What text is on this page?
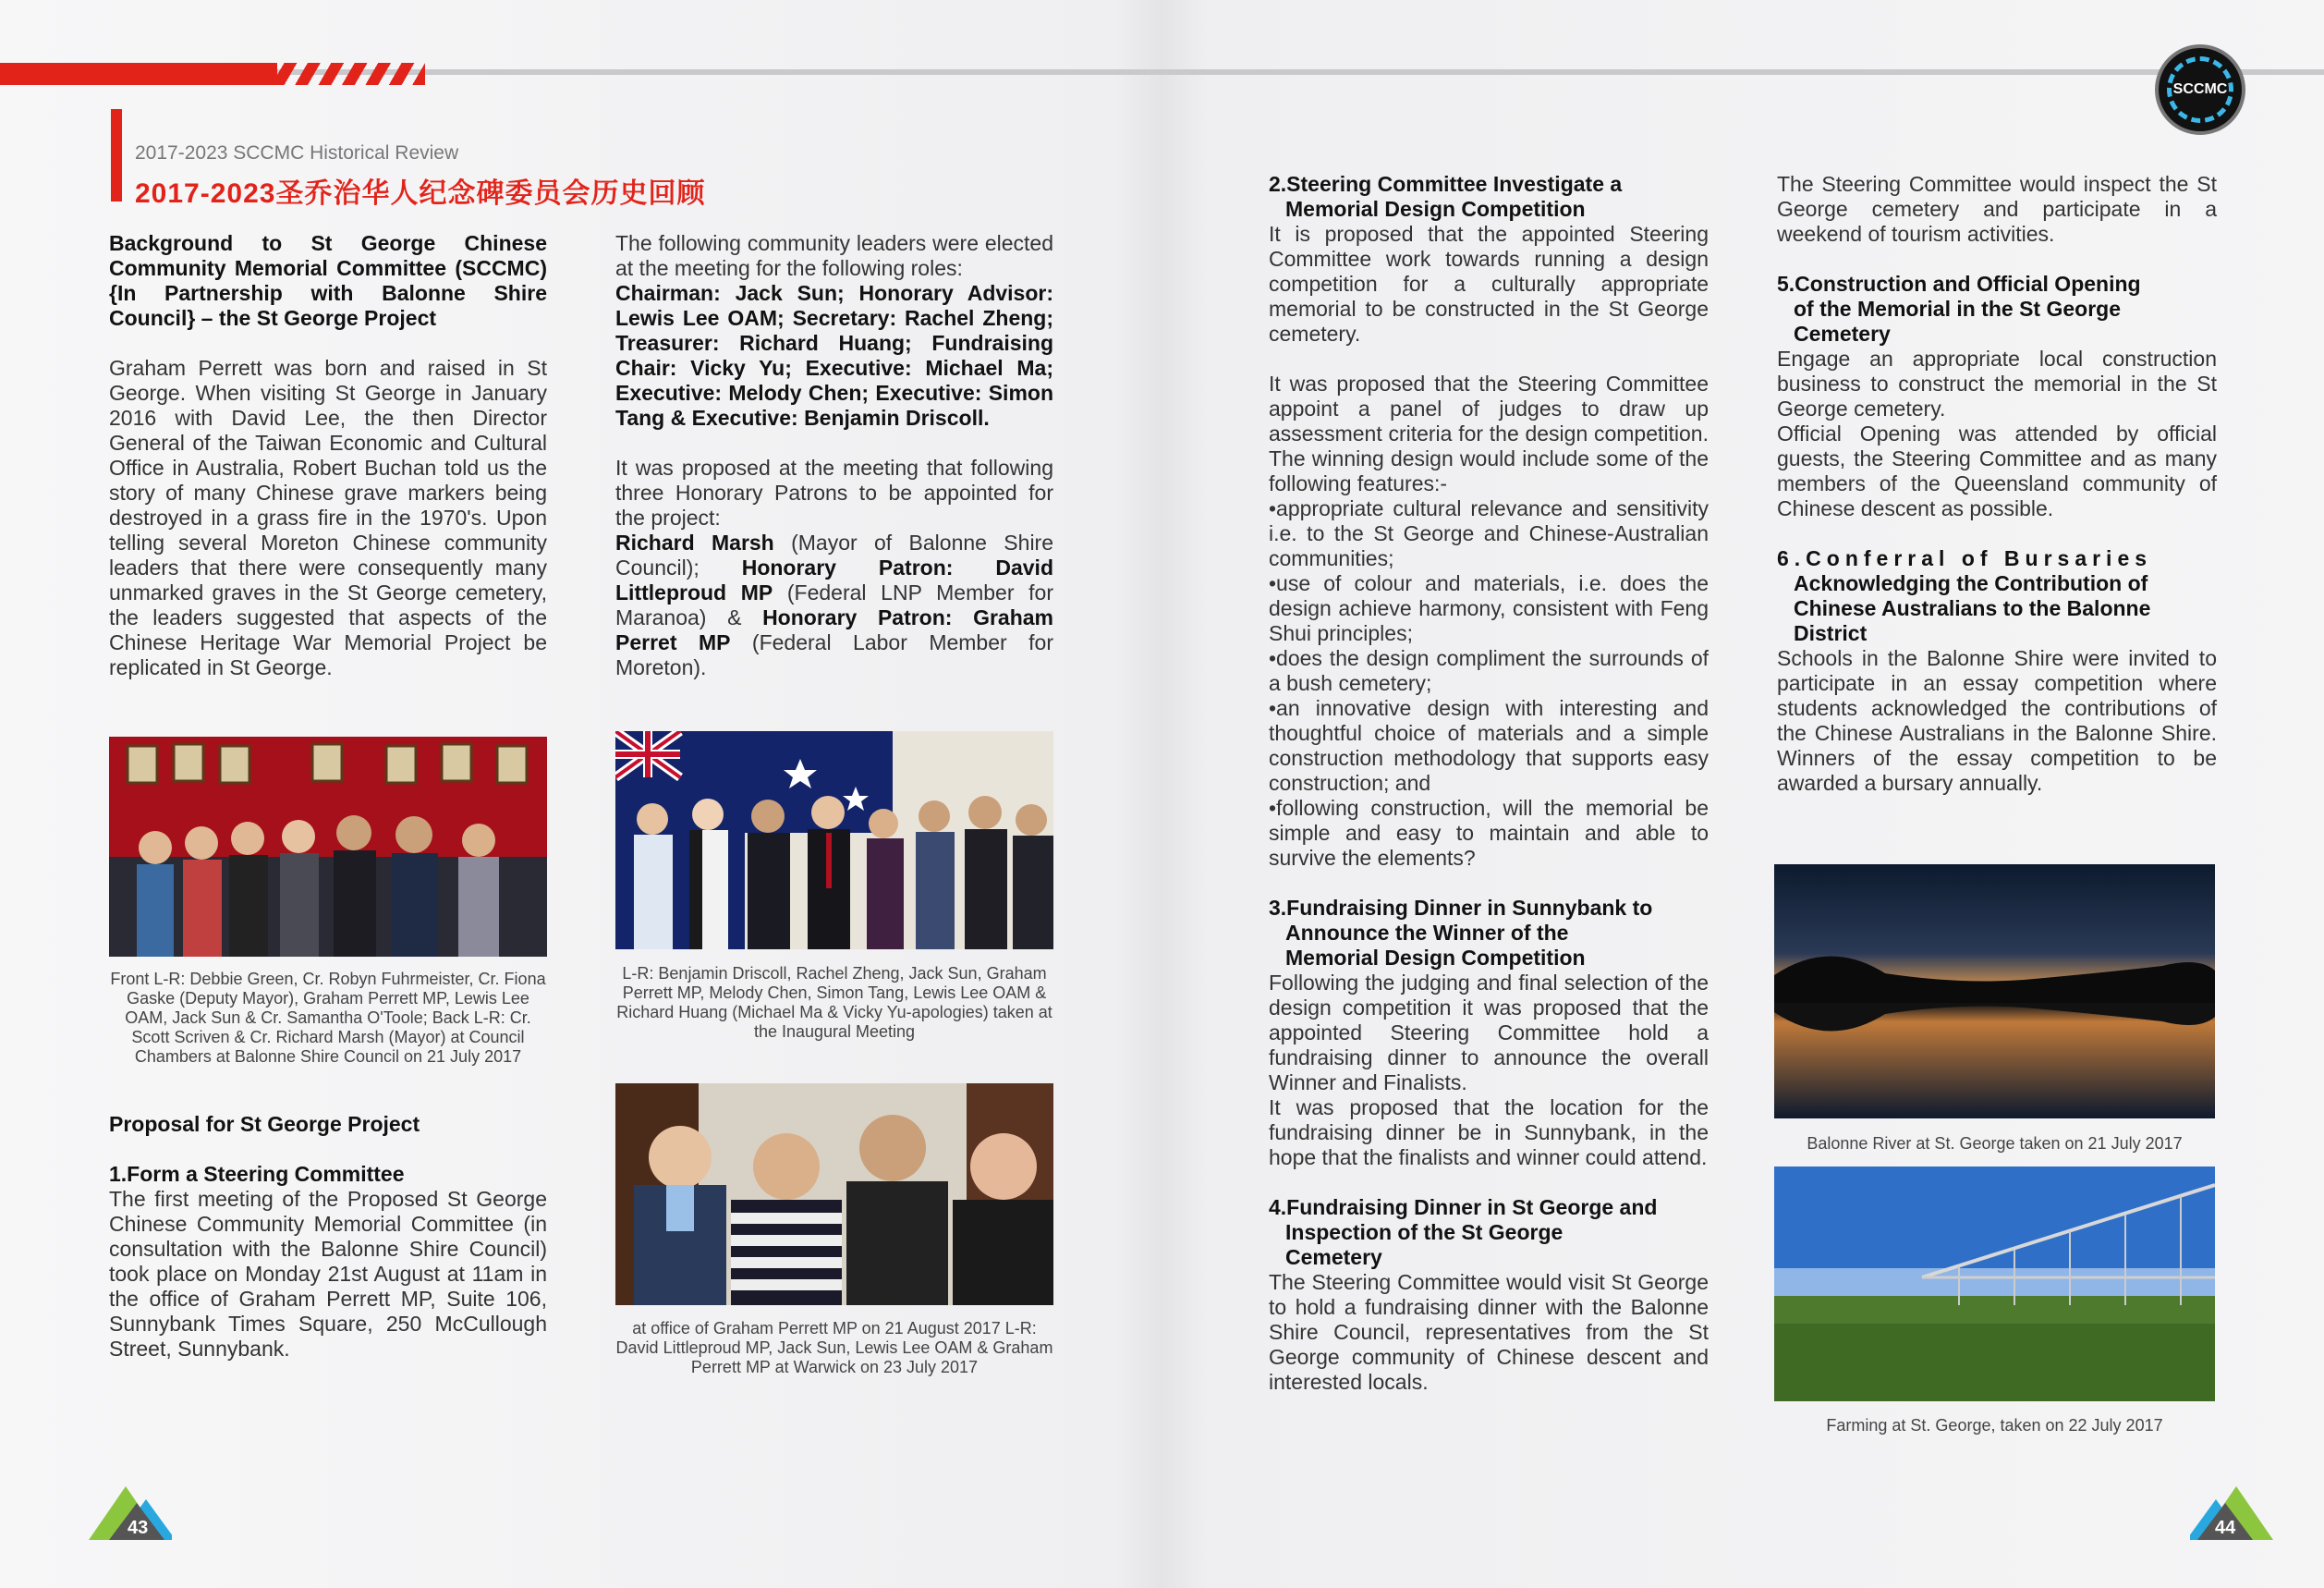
2017-2023 SCCMC Historical Review
2017-2023圣乔治华人纪念碑委员会历史回顾
SCCMC

Background to St George Chinese Community Memorial Committee (SCCMC) {In Partnership with Balonne Shire Council} – the St George Project

Graham Perrett was born and raised in St George. When visiting St George in January 2016 with David Lee, the then Director General of the Taiwan Economic and Cultural Office in Australia, Robert Buchan told us the story of many Chinese grave markers being destroyed in a grass fire in the 1970's. Upon telling several Moreton Chinese community leaders that there were consequently many unmarked graves in the St George cemetery, the leaders suggested that aspects of the Chinese Heritage War Memorial Project be replicated in St George.

Front L-R: Debbie Green, Cr. Robyn Fuhrmeister, Cr. Fiona Gaske (Deputy Mayor), Graham Perrett MP, Lewis Lee OAM, Jack Sun & Cr. Samantha O'Toole; Back L-R: Cr. Scott Scriven & Cr. Richard Marsh (Mayor) at Council Chambers at Balonne Shire Council on 21 July 2017

Proposal for St George Project

1.Form a Steering Committee

The first meeting of the Proposed St George Chinese Community Memorial Committee (in consultation with the Balonne Shire Council) took place on Monday 21st August at 11am in the office of Graham Perrett MP, Suite 106, Sunnybank Times Square, 250 McCullough Street, Sunnybank.

The following community leaders were elected at the meeting for the following roles:

Chairman: Jack Sun; Honorary Advisor: Lewis Lee OAM; Secretary: Rachel Zheng; Treasurer: Richard Huang; Fundraising Chair: Vicky Yu; Executive: Michael Ma; Executive: Melody Chen; Executive: Simon Tang & Executive: Benjamin Driscoll.

It was proposed at the meeting that following three Honorary Patrons to be appointed for the project:
Richard Marsh (Mayor of Balonne Shire Council); Honorary Patron: David Littleproud MP (Federal LNP Member for Maranoa) & Honorary Patron: Graham Perret MP (Federal Labor Member for Moreton).

L-R: Benjamin Driscoll, Rachel Zheng, Jack Sun, Graham Perrett MP, Melody Chen, Simon Tang, Lewis Lee OAM & Richard Huang (Michael Ma & Vicky Yu-apologies) taken at the Inaugural Meeting
at office of Graham Perrett MP on 21 August 2017 L-R: David Littleproud MP, Jack Sun, Lewis Lee OAM & Graham Perrett MP at Warwick on 23 July 2017
43

2.Steering Committee Investigate a

Memorial Design Competition

It is proposed that the appointed Steering Committee work towards running a design competition for a culturally appropriate memorial to be constructed in the St George cemetery.

It was proposed that the Steering Committee appoint a panel of judges to draw up assessment criteria for the design competition. The winning design would include some of the following features:-

•appropriate cultural relevance and sensitivity i.e. to the St George and Chinese-Australian communities;

•use of colour and materials, i.e. does the design achieve harmony, consistent with Feng Shui principles;

•does the design compliment the surrounds of a bush cemetery;

•an innovative design with interesting and thoughtful choice of materials and a simple construction methodology that supports easy construction; and

•following construction, will the memorial be simple and easy to maintain and able to survive the elements?

3.Fundraising Dinner in Sunnybank to

Announce the Winner of the

Memorial Design Competition

Following the judging and final selection of the design competition it was proposed that the appointed Steering Committee hold a fundraising dinner to announce the overall Winner and Finalists.

It was proposed that the location for the fundraising dinner be in Sunnybank, in the hope that the finalists and winner could attend.

4.Fundraising Dinner in St George and

Inspection of the St George

Cemetery

The Steering Committee would visit St George to hold a fundraising dinner with the Balonne Shire Council, representatives from the St George community of Chinese descent and interested locals.

The Steering Committee would inspect the St George cemetery and participate in a weekend of tourism activities.

5.Construction and Official Opening

of the Memorial in the St George

Cemetery

Engage an appropriate local construction business to construct the memorial in the St George cemetery.

Official Opening was attended by official guests, the Steering Committee and as many members of the Queensland community of Chinese descent as possible.

6.Conferral of Bursaries

Acknowledging the Contribution of

Chinese Australians to the Balonne

District

Schools in the Balonne Shire were invited to participate in an essay competition where students acknowledged the contributions of the Chinese Australians in the Balonne Shire. Winners of the essay competition to be awarded a bursary annually.

Balonne River at St. George taken on 21 July 2017
Farming at St. George, taken on 22 July 2017
44
